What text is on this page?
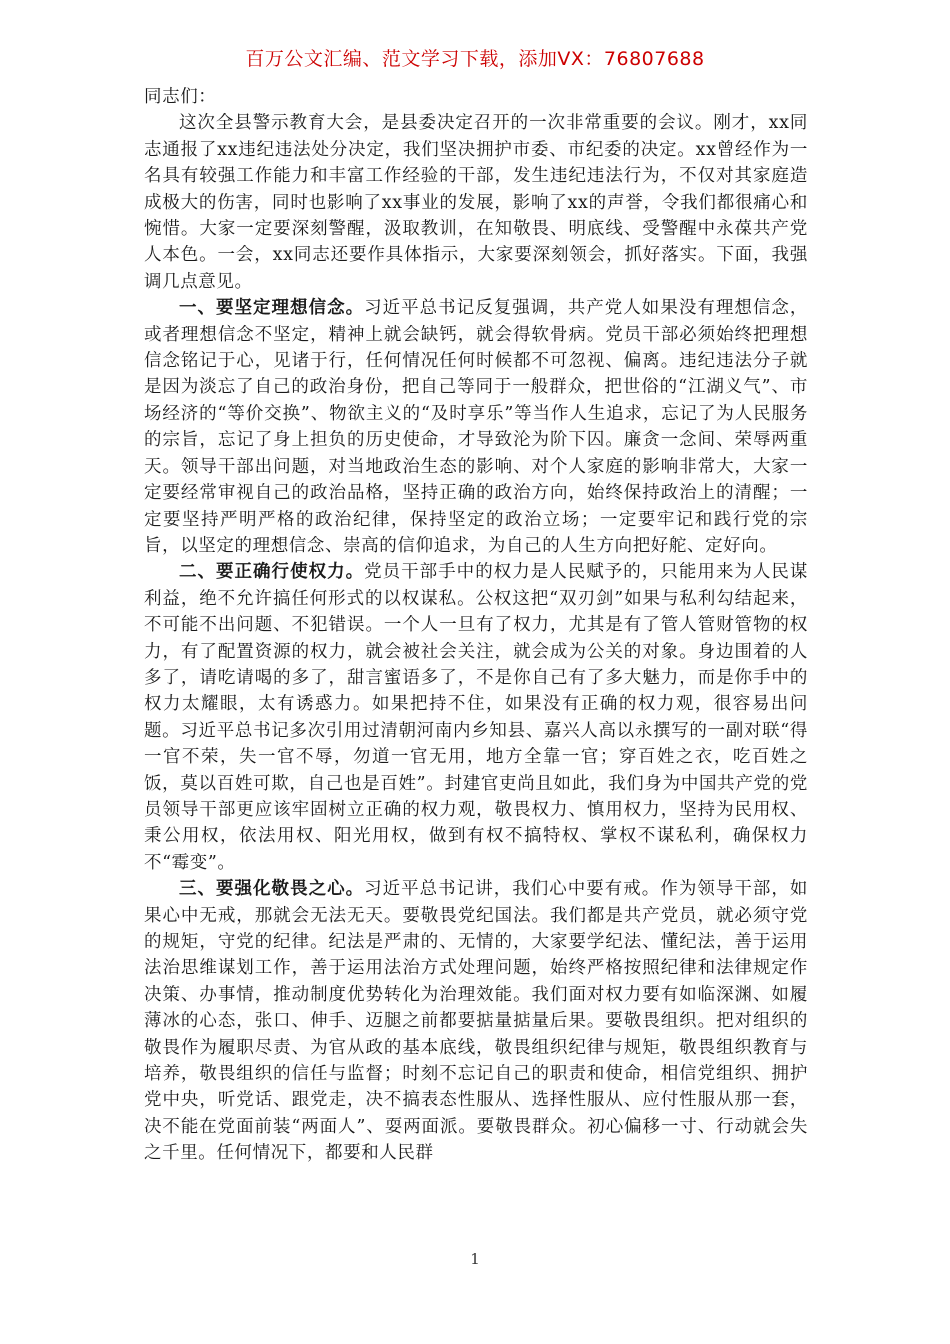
百万公文汇编、范文学习下载，添加VX：76807688

同志们：

这次全县警示教育大会，是县委决定召开的一次非常重要的会议。刚才，xx同志通报了xx违纪违法处分决定，我们坚决拥护市委、市纪委的决定。xx曾经作为一名具有较强工作能力和丰富工作经验的干部，发生违纪违法行为，不仅对其家庭造成极大的伤害，同时也影响了xx事业的发展，影响了xx的声誉，令我们都很痛心和惋惜。大家一定要深刻警醒，汲取教训，在知敬畏、明底线、受警醒中永葆共产党人本色。一会，xx同志还要作具体指示，大家要深刻领会，抓好落实。下面，我强调几点意见。

一、要坚定理想信念。习近平总书记反复强调，共产党人如果没有理想信念，或者理想信念不坚定，精神上就会缺钙，就会得软骨病。党员干部必须始终把理想信念铭记于心，见诸于行，任何情况任何时候都不可忽视、偏离。违纪违法分子就是因为淡忘了自己的政治身份，把自己等同于一般群众，把世俗的“江湖义气”、市场经济的“等价交换”、物欲主义的“及时享乐”等当作人生追求，忘记了为人民服务的宗旨，忘记了身上担负的历史使命，才导致沦为阶下囚。廉贪一念间、荣辱两重天。领导干部出问题，对当地政治生态的影响、对个人家庭的影响非常大，大家一定要经常审视自己的政治品格，坚持正确的政治方向，始终保持政治上的清醒；一定要坚持严明严格的政治纪律，保持坚定的政治立场；一定要牢记和践行党的宗旨，以坚定的理想信念、崇高的信仰追求，为自己的人生方向把好舵、定好向。

二、要正确行使权力。党员干部手中的权力是人民赋予的，只能用来为人民谋利益，绝不允许搞任何形式的以权谋私。公权这把“双刃剑”如果与私利勾结起来，不可能不出问题、不犯错误。一个人一旦有了权力，尤其是有了管人管财管物的权力，有了配置资源的权力，就会被社会关注，就会成为公关的对象。身边围着的人多了，请吃请喝的多了，甜言蜜语多了，不是你自己有了多大魅力，而是你手中的权力太耀眼，太有诱惑力。如果把持不住，如果没有正确的权力观，很容易出问题。习近平总书记多次引用过清朝河南内乡知县、嘉兴人高以永撰写的一副对联“得一官不荣，失一官不辱，勿道一官无用，地方全靠一官；穿百姓之衣，吃百姓之饭，莫以百姓可欺，自己也是百姓”。封建官吏尚且如此，我们身为中国共产党的党员领导干部更应该牢固树立正确的权力观，敬畏权力、慎用权力，坚持为民用权、秉公用权，依法用权、阳光用权，做到有权不搞特权、掌权不谋私利，确保权力不“霉变”。

三、要强化敬畏之心。习近平总书记讲，我们心中要有戒。作为领导干部，如果心中无戒，那就会无法无天。要敬畏党纪国法。我们都是共产党员，就必须守党的规矩，守党的纪律。纪法是严肃的、无情的，大家要学纪法、懂纪法，善于运用法治思维谋划工作，善于运用法治方式处理问题，始终严格按照纪律和法律规定作决策、办事情，推动制度优势转化为治理效能。我们面对权力要有如临深渊、如履薄冰的心态，张口、伸手、迈腿之前都要掂量掂量后果。要敬畏组织。把对组织的敬畏作为履职尽责、为官从政的基本底线，敬畏组织纪律与规矩，敬畏组织教育与培养，敬畏组织的信任与监督；时刻不忘记自己的职责和使命，相信党组织、拥护党中央，听党话、跟党走，决不搞表态性服从、选择性服从、应付性服从那一套，决不能在党面前装“两面人”、耍两面派。要敬畏群众。初心偏移一寸、行动就会失之千里。任何情况下，都要和人民群

1
